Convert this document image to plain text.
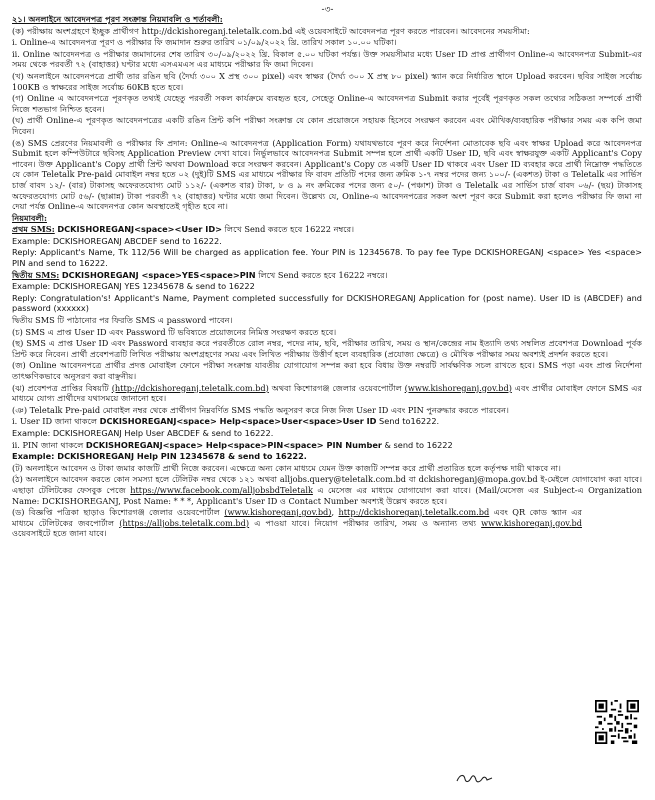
-৩-

২১। অনলাইনে আবেদনপত্র পূরণ সংক্রান্ত নিয়মাবলি ও শর্তাবলী:

(ক) পরীক্ষায় অংশগ্রহণে ইচ্ছুক প্রার্থীগণ http://dckishoreganj.teletalk.com.bd এই ওয়েবসাইটে আবেদনপত্র পূরণ করতে পারবেন। আবেদনের সময়সীমা:

i. Online-এ আবেদনপত্র পূরণ ও পরীক্ষার ফি জমাদান শুরুর তারিখ ০১/০৯/২০২২ খ্রি. তারিখ সকাল ১০.০০ ঘটিকা।

ii. Online আবেদনপত্র ও পরীক্ষার জমাদানের শেষ তারিখ ৩০/০৯/২০২২ খ্রি. বিকাল ৫.০০ ঘটিকা পর্যন্ত। উক্ত সময়সীমার মধ্যে User ID প্রাপ্ত প্রার্থীগণ Online-এ আবেদনপত্র Submit-এর সময় থেকে পরবর্তী ৭২ (বাহাত্তর) ঘণ্টার মধ্যে এসএমএস এর মাধ্যমে পরীক্ষার ফি জমা দিবেন।

(খ) অনলাইনে আবেদনপত্রে প্রার্থী তার রঙিন ছবি (দৈর্ঘ্য ৩০০ X প্রস্থ ৩০০ pixel) এবং স্বাক্ষর (দৈর্ঘ্য ৩০০ X প্রস্থ ৮০ pixel) স্ক্যান করে নির্ধারিত স্থানে Upload করবেন। ছবির সাইজ সর্বোচ্চ 100KB ও স্বাক্ষরের সাইজ সর্বোচ্চ 60KB হতে হবে।

(গ) Online এ আবেদনপত্রে পূরণকৃত তথ্যই যেহেতু পরবর্তী সকল কার্যক্রমে ব্যবহৃত হবে, সেহেতু Online-এ আবেদনপত্র Submit করার পূর্বেই পূরণকৃত সকল তথ্যের সঠিকতা সম্পর্কে প্রার্থী নিজে শতভাগ নিশ্চিত হবেন।

(ঘ) প্রার্থী Online-এ পূরণকৃত আবেদনপত্রের একটি রঙিন প্রিন্ট কপি পরীক্ষা সংক্রান্ত যে কোন প্রয়োজনে সহায়ক হিসেবে সংরক্ষণ করবেন এবং মৌখিক/ব্যবহারিক পরীক্ষার সময় এক কপি জমা দিবেন।

(ঙ) SMS প্রেরণের নিয়মাবলী ও পরীক্ষার ফি প্রদান: Online-এ আবেদনপত্র (Application Form) যথাযথভাবে পূরণ করে নির্দেশনা মোতাবেক ছবি এবং স্বাক্ষর Upload করে আবেদনপত্র Submit হলে কম্পিউটারে ছবিসহ Application Preview দেখা যাবে। নির্ভুলভাবে আবেদনপত্র Submit সম্পন্ন হলে প্রার্থী একটি User ID, ছবি এবং স্বাক্ষরযুক্ত একটি Applicant's Copy পাবেন। উক্ত Applicant's Copy প্রার্থী প্রিন্ট অথবা Download করে সংরক্ষণ করবেন। Applicant's Copy তে একটি User ID থাকবে এবং User ID ব্যবহার করে প্রার্থী নিম্নোক্ত পদ্ধতিতে যে কোন Teletalk Pre-paid মোবাইল নম্বর হতে ০২ (দুই)টি SMS এর মাধ্যমে পরীক্ষার ফি বাবদ প্রতিটি পদের জন্য ক্রমিক ১-৭ নম্বর পদের জন্য ১০০/- (একশত) টাকা ও Teletalk এর সার্ভিস চার্জ বাবদ ১২/- (বার) টাকাসহ অফেরতযোগ্য মোট ১১২/- (একশত বার) টাকা, ৮ ও ৯ নং ক্রমিকের পদের জন্য ৫০/- (পঞ্চাশ) টাকা ও Teletalk এর সার্ভিস চার্জ বাবদ ০৬/- (ছয়) টাকাসহ অফেরতযোগ্য মোট ৫৬/- (ছাপ্পান্ন) টাকা পরবর্তী ৭২ (বাহাত্তর) ঘণ্টার মধ্যে জমা দিবেন। উল্লেখ্য যে, Online-এ আবেদনপত্রের সকল অংশ পূরণ করে Submit করা হলেও পরীক্ষার ফি জমা না দেয়া পর্যন্ত Online-এ আবেদনপত্র কোন অবস্থাতেই গৃহীত হবে না।

নিয়মাবলী:

প্রথম SMS: DCKISHOREGANJ<space><User ID> লিখে Send করতে হবে 16222 নম্বরে।

Example: DCKISHOREGANJ ABCDEF send to 16222.

Reply: Applicant's Name, Tk 112/56 Will be charged as application fee. Your PIN is 12345678. To pay fee Type DCKISHOREGANJ <space> Yes <space> PIN and send to 16222.

দ্বিতীয় SMS: DCKISHOREGANJ <space>YES<space>PIN লিখে Send করতে হবে 16222 নম্বরে।

Example: DCKISHOREGANJ YES 12345678 & send to 16222

Reply: Congratulation's! Applicant's Name, Payment completed successfully for DCKISHOREGANJ Application for (post name). User ID is (ABCDEF) and password (xxxxxx)

দ্বিতীয় SMS টি পাঠানোর পর ফিরতি SMS এ password পাবেন।

(চ) SMS এ প্রাপ্ত User ID এবং Password টি ভবিষ্যতে প্রয়োজনের নিমিত্ত সংরক্ষণ করতে হবে।

(ছ) SMS এ প্রাপ্ত User ID এবং Password ব্যবহার করে পরবর্তীতে রোল নম্বর, পদের নাম, ছবি, পরীক্ষার তারিখ, সময় ও স্থান/কেন্দ্রের নাম ইত্যাদি তথ্য সম্বলিত প্রবেশপত্র Download পূর্বক প্রিন্ট করে নিবেন। প্রার্থী প্রবেশপত্রটি লিখিত পরীক্ষায় অংশগ্রহণের সময় এবং লিখিত পরীক্ষায় উত্তীর্ণ হলে ব্যবহারিক (প্রযোজ্য ক্ষেত্রে) ও মৌখিক পরীক্ষার সময় অবশ্যই প্রদর্শন করতে হবে।

(জ) Online আবেদনপত্রে প্রার্থীর প্রদত্ত মোবাইল ফোনে পরীক্ষা সংক্রান্ত যাবতীয় যোগাযোগ সম্পন্ন করা হবে বিধায় উক্ত নম্বরটি সার্বক্ষণিক সচল রাখতে হবে। SMS পড়া এবং প্রাপ্ত নির্দেশনা তাৎক্ষণিকভাবে অনুসরণ করা বাঞ্ছনীয়।

(ঝ) প্রবেশপত্র প্রাপ্তির বিষয়টি (http://dckishoreganj.teletalk.com.bd) অথবা কিশোরগঞ্জ জেলার ওয়েবপোর্টাল (www.kishoreganj.gov.bd) এবং প্রার্থীর মোবাইল ফোনে SMS এর মাধ্যমে যোগ্য প্রার্থীদের যথাসময়ে জানানো হবে।

(ঞ) Teletalk Pre-paid মোবাইল নম্বর থেকে প্রার্থীগণ নিম্নবর্ণিত SMS পদ্ধতি অনুসরণ করে নিজ নিজ User ID এবং PIN পুনরুদ্ধার করতে পারবেন।

i. User ID জানা থাকলে DCKISHOREGANJ<space> Help<space>User<space>User ID Send to16222.

Example: DCKISHOREGANJ Help User ABCDEF & send to 16222.

ii. PIN জানা থাকলে DCKISHOREGANJ<space> Help<space>PIN<space> PIN Number & send to 16222

Example: DCKISHOREGANJ Help PIN 12345678 & send to 16222.

(ট) অনলাইনে আবেদন ও টাকা জমার কাজটি প্রার্থী নিজে করবেন। এক্ষেত্রে অন্য কোন মাধ্যমে যেমন উক্ত কাজটি সম্পন্ন করে প্রার্থী প্রতারিত হলে কর্তৃপক্ষ দায়ী থাকবে না।

(ঠ) অনলাইনে আবেদন করতে কোন সমস্যা হলে টেলিটক নম্বর থেকে ১২১ অথবা alljobs.query@teletalk.com.bd বা dckishoreganj@mopa.gov.bd ই-মেইলে যোগাযোগ করা যাবে। এছাড়া টেলিটকের ফেসবুক পেজে https://www.facebook.com/alljobsbdTeletalk এ মেসেজ এর মাধ্যমে যোগাযোগ করা যাবে। (Mail/মেসেজ এর Subject-এ Organization Name: DCKISHOREGANJ, Post Name: * * *, Applicant's User ID ও Contact Number অবশ্যই উল্লেখ করতে হবে।

(ড) বিজ্ঞপ্তি পত্রিকা ছাড়াও কিশোরগঞ্জ জেলার ওয়েবপোর্টাল (www.kishoreganj.gov.bd), http://dckishoreganj.teletalk.com.bd এবং QR কোড স্ক্যান এর মাধ্যমে টেলিটকের জবপোর্টাল (https://alljobs.teletalk.com.bd) এ পাওয়া যাবে। নিয়োগ পরীক্ষার তারিখ, সময় ও অন্যান্য তথ্য www.kishoreganj.gov.bd ওয়েবসাইটে হতে জানা যাবে।
